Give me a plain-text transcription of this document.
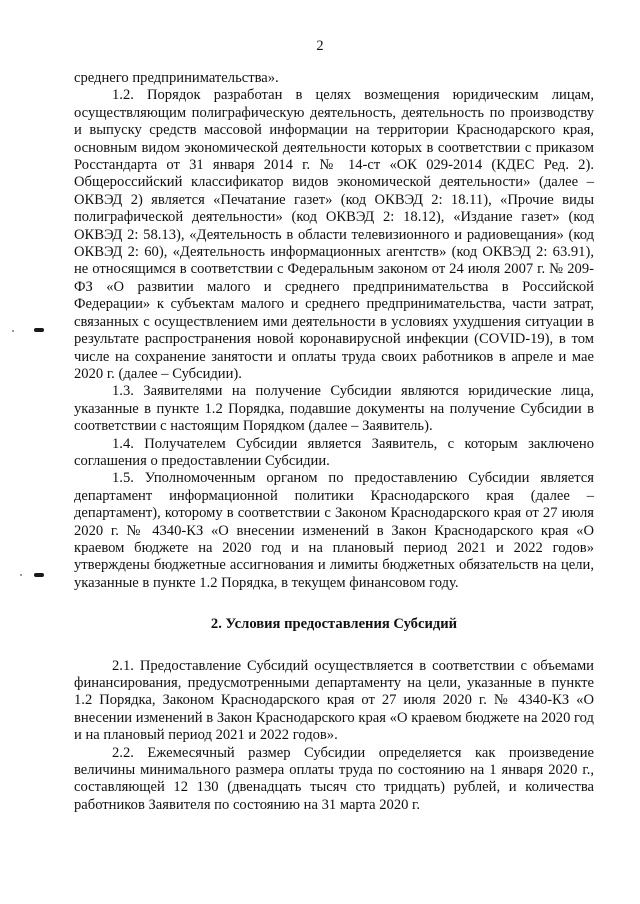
2

среднего предпринимательства».

1.2. Порядок разработан в целях возмещения юридическим лицам, осуществляющим полиграфическую деятельность, деятельность по производству и выпуску средств массовой информации на территории Краснодарского края, основным видом экономической деятельности которых в соответствии с приказом Росстандарта от 31 января 2014 г. № 14-ст «ОК 029-2014 (КДЕС Ред. 2). Общероссийский классификатор видов экономической деятельности» (далее – ОКВЭД 2) является «Печатание газет» (код ОКВЭД 2: 18.11), «Прочие виды полиграфической деятельности» (код ОКВЭД 2: 18.12), «Издание газет» (код ОКВЭД 2: 58.13), «Деятельность в области телевизионного и радиовещания» (код ОКВЭД 2: 60), «Деятельность информационных агентств» (код ОКВЭД 2: 63.91), не относящимся в соответствии с Федеральным законом от 24 июля 2007 г. № 209-ФЗ «О развитии малого и среднего предпринимательства в Российской Федерации» к субъектам малого и среднего предпринимательства, части затрат, связанных с осуществлением ими деятельности в условиях ухудшения ситуации в результате распространения новой коронавирусной инфекции (COVID-19), в том числе на сохранение занятости и оплаты труда своих работников в апреле и мае 2020 г. (далее – Субсидии).

1.3. Заявителями на получение Субсидии являются юридические лица, указанные в пункте 1.2 Порядка, подавшие документы на получение Субсидии в соответствии с настоящим Порядком (далее – Заявитель).

1.4. Получателем Субсидии является Заявитель, с которым заключено соглашения о предоставлении Субсидии.

1.5. Уполномоченным органом по предоставлению Субсидии является департамент информационной политики Краснодарского края (далее – департамент), которому в соответствии с Законом Краснодарского края от 27 июля 2020 г. № 4340-КЗ «О внесении изменений в Закон Краснодарского края «О краевом бюджете на 2020 год и на плановый период 2021 и 2022 годов» утверждены бюджетные ассигнования и лимиты бюджетных обязательств на цели, указанные в пункте 1.2 Порядка, в текущем финансовом году.

2. Условия предоставления Субсидий

2.1. Предоставление Субсидий осуществляется в соответствии с объемами финансирования, предусмотренными департаменту на цели, указанные в пункте 1.2 Порядка, Законом Краснодарского края от 27 июля 2020 г. № 4340-КЗ «О внесении изменений в Закон Краснодарского края «О краевом бюджете на 2020 год и на плановый период 2021 и 2022 годов».

2.2. Ежемесячный размер Субсидии определяется как произведение величины минимального размера оплаты труда по состоянию на 1 января 2020 г., составляющей 12 130 (двенадцать тысяч сто тридцать) рублей, и количества работников Заявителя по состоянию на 31 марта 2020 г.
